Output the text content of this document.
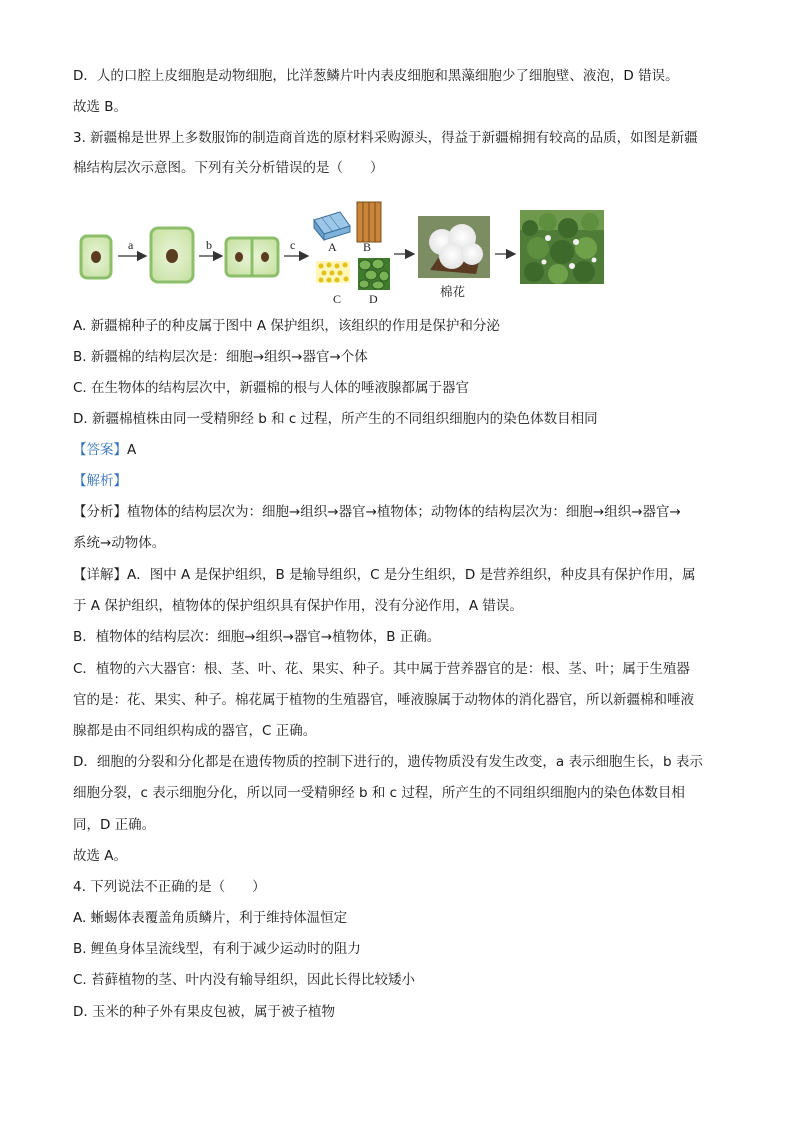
D．人的口腔上皮细胞是动物细胞，比洋葱鳞片叶内表皮细胞和黑藻细胞少了细胞壁、液泡，D 错误。
故选 B。
3. 新疆棉是世界上多数服饰的制造商首选的原材料采购源头，得益于新疆棉拥有较高的品质，如图是新疆
棉结构层次示意图。下列有关分析错误的是（　　）
a	b	c	A B
C D	棉花
A. 新疆棉种子的种皮属于图中 A 保护组织，该组织的作用是保护和分泌
B. 新疆棉的结构层次是：细胞→组织→器官→个体
C. 在生物体的结构层次中，新疆棉的根与人体的唾液腺都属于器官
D. 新疆棉植株由同一受精卵经 b 和 c 过程，所产生的不同组织细胞内的染色体数目相同
【答案】A
【解析】
【分析】植物体的结构层次为：细胞→组织→器官→植物体；动物体的结构层次为：细胞→组织→器官→
系统→动物体。
【详解】A．图中 A 是保护组织，B 是输导组织，C 是分生组织，D 是营养组织，种皮具有保护作用，属
于 A 保护组织，植物体的保护组织具有保护作用，没有分泌作用，A 错误。
B．植物体的结构层次：细胞→组织→器官→植物体，B 正确。
C．植物的六大器官：根、茎、叶、花、果实、种子。其中属于营养器官的是：根、茎、叶；属于生殖器
官的是：花、果实、种子。棉花属于植物的生殖器官，唾液腺属于动物体的消化器官，所以新疆棉和唾液
腺都是由不同组织构成的器官，C 正确。
D．细胞的分裂和分化都是在遗传物质的控制下进行的，遗传物质没有发生改变，a 表示细胞生长，b 表示
细胞分裂，c 表示细胞分化，所以同一受精卵经 b 和 c 过程，所产生的不同组织细胞内的染色体数目相
同，D 正确。
故选 A。
4. 下列说法不正确的是（　　）
A. 蜥蜴体表覆盖角质鳞片，利于维持体温恒定
B. 鲤鱼身体呈流线型，有利于减少运动时的阻力
C. 苔藓植物的茎、叶内没有输导组织，因此长得比较矮小
D. 玉米的种子外有果皮包被，属于被子植物
